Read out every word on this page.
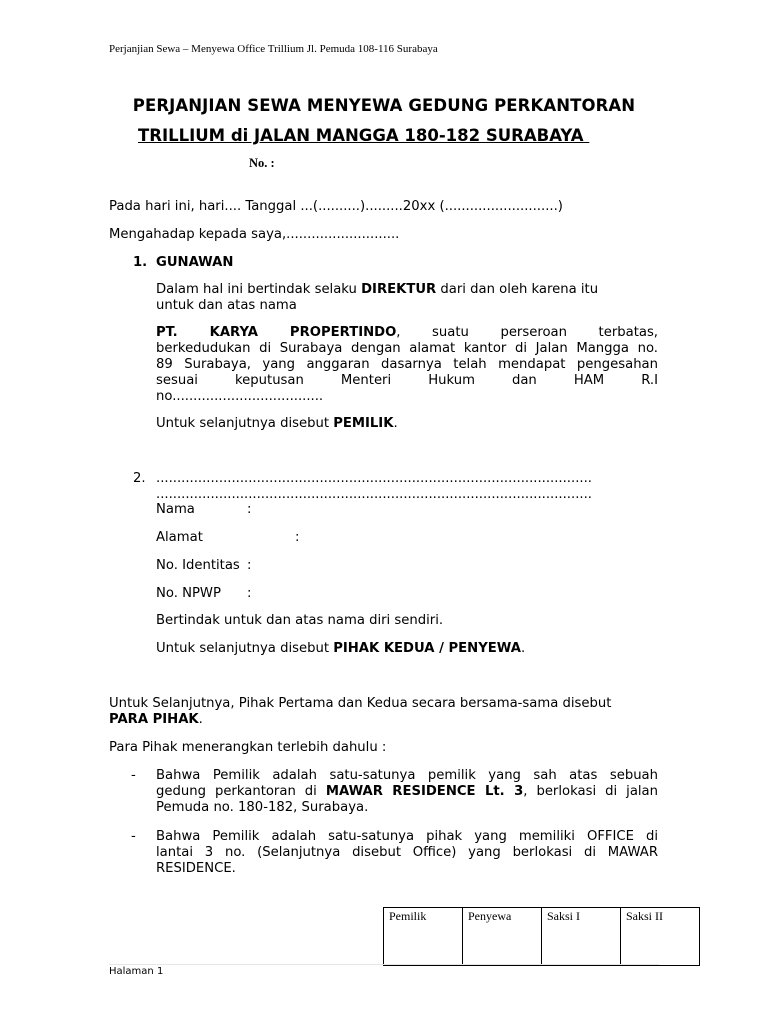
Perjanjian Sewa – Menyewa Office Trillium Jl. Pemuda 108-116 Surabaya
PERJANJIAN SEWA MENYEWA GEDUNG PERKANTORAN
TRILLIUM di JALAN MANGGA 180-182 SURABAYA
No. :
Pada hari ini, hari.... Tanggal ...(..........).........20xx (...........................)
Mengahadap kepada saya,...........................
1. GUNAWAN
Dalam hal ini bertindak selaku DIREKTUR dari dan oleh karena itu
untuk dan atas nama
PT. KARYA PROPERTINDO, suatu perseroan terbatas,
berkedudukan di Surabaya dengan alamat kantor di Jalan Mangga no.
89 Surabaya, yang anggaran dasarnya telah mendapat pengesahan
sesuai keputusan Menteri Hukum dan HAM R.I
no....................................
Untuk selanjutnya disebut PEMILIK.
2. ........................................................................................................
........................................................................................................
Nama	:
Alamat	:
No. Identitas :
No. NPWP :
Bertindak untuk dan atas nama diri sendiri.
Untuk selanjutnya disebut PIHAK KEDUA / PENYEWA.
Untuk Selanjutnya, Pihak Pertama dan Kedua secara bersama-sama disebut
PARA PIHAK.
Para Pihak menerangkan terlebih dahulu :
- Bahwa Pemilik adalah satu-satunya pemilik yang sah atas sebuah
gedung perkantoran di MAWAR RESIDENCE Lt. 3, berlokasi di jalan
Pemuda no. 180-182, Surabaya.
- Bahwa Pemilik adalah satu-satunya pihak yang memiliki OFFICE di
lantai 3 no. (Selanjutnya disebut Office) yang berlokasi di MAWAR
RESIDENCE.
Pemilik	Penyewa	Saksi I	Saksi II
Halaman 1
